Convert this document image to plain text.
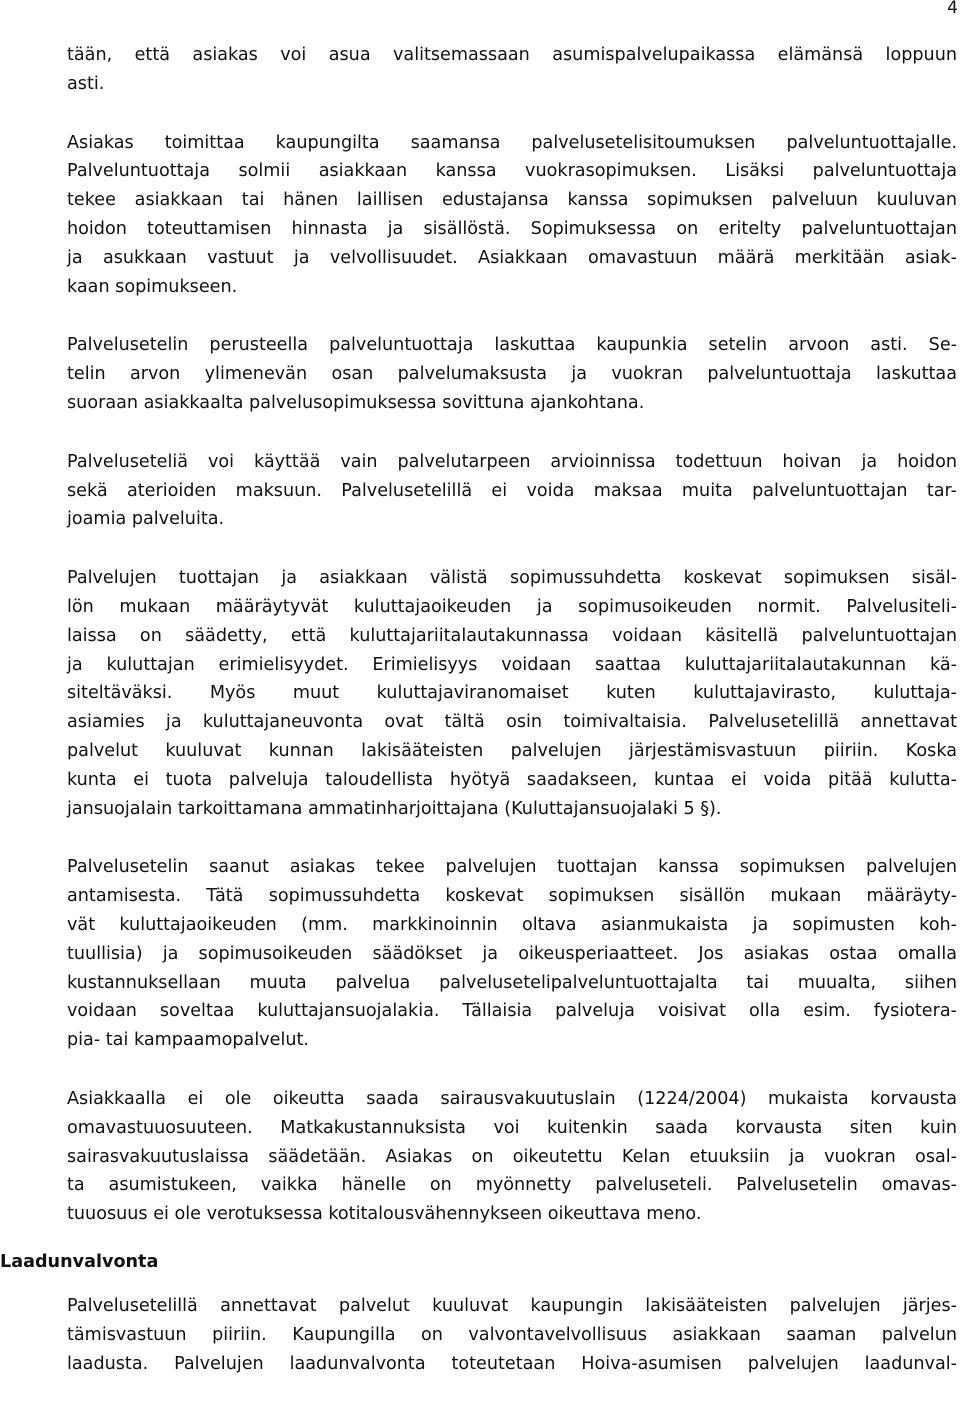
4

tään, että asiakas voi asua valitsemassaan asumispalvelupaikassa elämänsä loppuun
asti.

Asiakas toimittaa kaupungilta saamansa palvelusetelisitoumuksen palveluntuottajalle.
Palveluntuottaja solmii asiakkaan kanssa vuokrasopimuksen. Lisäksi palveluntuottaja
tekee asiakkaan tai hänen laillisen edustajansa kanssa sopimuksen palveluun kuuluvan
hoidon toteuttamisen hinnasta ja sisällöstä. Sopimuksessa on eritelty palveluntuottajan
ja asukkaan vastuut ja velvollisuudet. Asiakkaan omavastuun määrä merkitään asiak-
kaan sopimukseen.

Palvelusetelin perusteella palveluntuottaja laskuttaa kaupunkia setelin arvoon asti. Se-
telin arvon ylimenevän osan palvelumaksusta ja vuokran palveluntuottaja laskuttaa
suoraan asiakkaalta palvelusopimuksessa sovittuna ajankohtana.

Palveluseteliä voi käyttää vain palvelutarpeen arvioinnissa todettuun hoivan ja hoidon
sekä aterioiden maksuun. Palvelusetelillä ei voida maksaa muita palveluntuottajan tar-
joamia palveluita.

Palvelujen tuottajan ja asiakkaan välistä sopimussuhdetta koskevat sopimuksen sisäl-
lön mukaan määräytyvät kuluttajaoikeuden ja sopimusoikeuden normit. Palvelusiteli-
laissa on säädetty, että kuluttajariitalautakunnassa voidaan käsitellä palveluntuottajan
ja kuluttajan erimielisyydet. Erimielisyys voidaan saattaa kuluttajariitalautakunnan kä-
siteltäväksi. Myös muut kuluttajaviranomaiset kuten kuluttajavirasto, kuluttaja-
asiamies ja kuluttajaneuvonta ovat tältä osin toimivaltaisia. Palvelusetelillä annettavat
palvelut kuuluvat kunnan lakisääteisten palvelujen järjestämisvastuun piiriin. Koska
kunta ei tuota palveluja taloudellista hyötyä saadakseen, kuntaa ei voida pitää kulutta-
jansuojalain tarkoittamana ammatinharjoittajana (Kuluttajansuojalaki 5 §).

Palvelusetelin saanut asiakas tekee palvelujen tuottajan kanssa sopimuksen palvelujen
antamisesta. Tätä sopimussuhdetta koskevat sopimuksen sisällön mukaan määräyty-
vät kuluttajaoikeuden (mm. markkinoinnin oltava asianmukaista ja sopimusten koh-
tuullisia) ja sopimusoikeuden säädökset ja oikeusperiaatteet. Jos asiakas ostaa omalla
kustannuksellaan muuta palvelua palvelusetelipalveluntuottajalta tai muualta, siihen
voidaan soveltaa kuluttajansuojalakia. Tällaisia palveluja voisivat olla esim. fysiotera-
pia- tai kampaamopalvelut.

Asiakkaalla ei ole oikeutta saada sairausvakuutuslain (1224/2004) mukaista korvausta
omavastuuosuuteen. Matkakustannuksista voi kuitenkin saada korvausta siten kuin
sairasvakuutuslaissa säädetään. Asiakas on oikeutettu Kelan etuuksiin ja vuokran osal-
ta asumistukeen, vaikka hänelle on myönnetty palveluseteli. Palvelusetelin omavas-
tuuosuus ei ole verotuksessa kotitalousvähennykseen oikeuttava meno.

Laadunvalvonta

Palvelusetelillä annettavat palvelut kuuluvat kaupungin lakisääteisten palvelujen järjes-
tämisvastuun piiriin. Kaupungilla on valvontavelvollisuus asiakkaan saaman palvelun
laadusta. Palvelujen laadunvalvonta toteutetaan Hoiva-asumisen palvelujen laadunval-
